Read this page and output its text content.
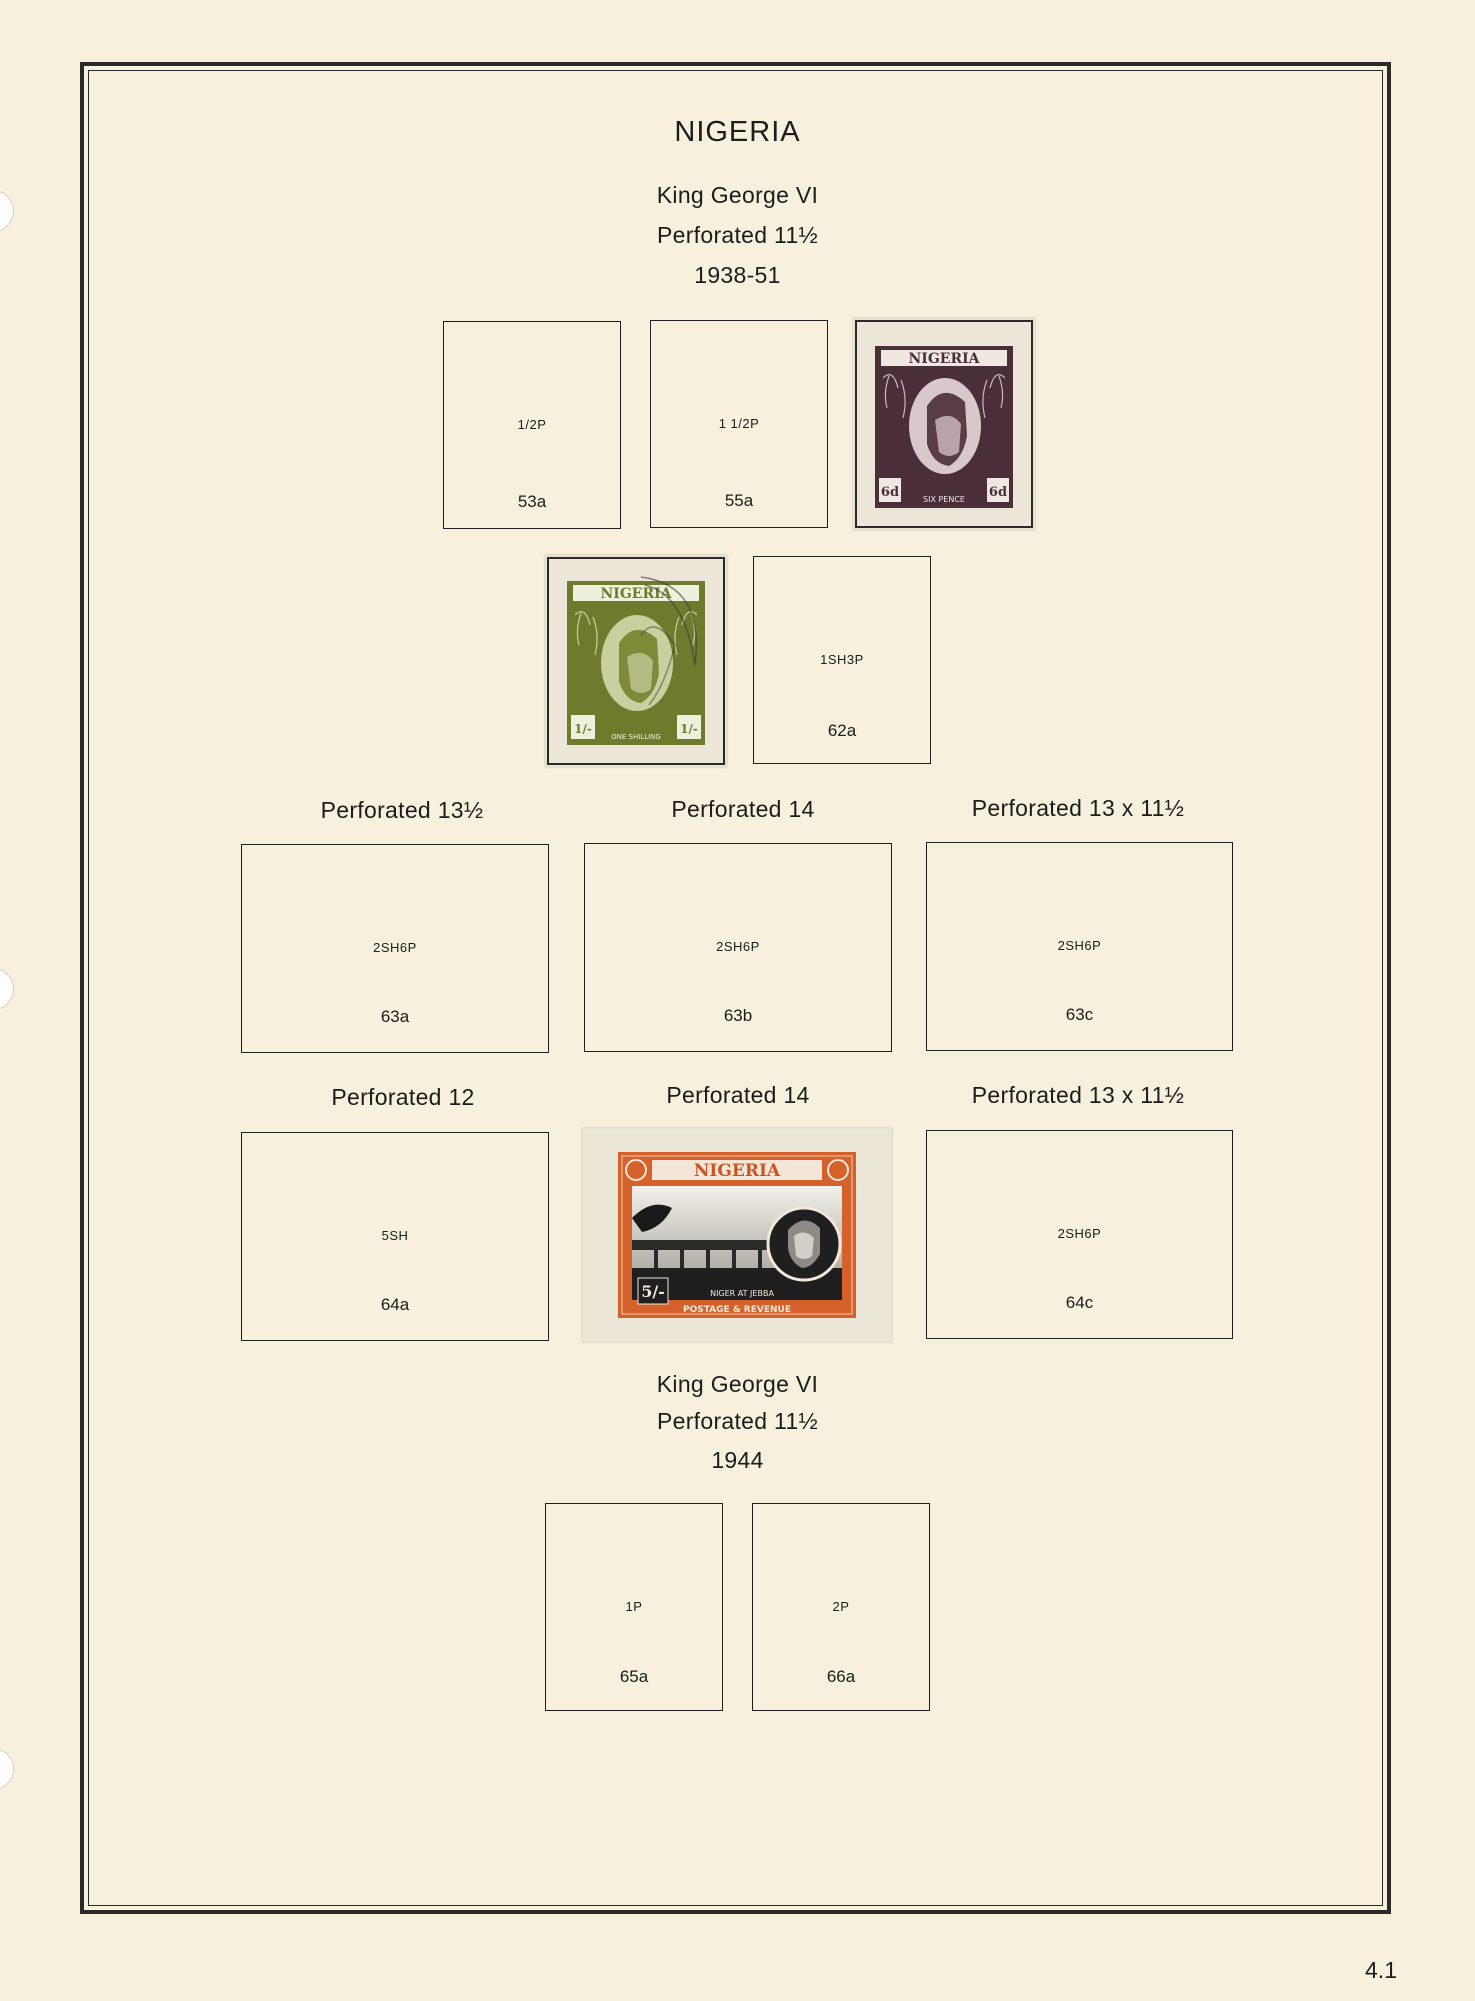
NIGERIA
King George VI
Perforated 11½
1938-51
1/2P
53a
1 1/2P
55a
NIGERIA
6d	6d
SIX PENCE
NIGERIA
1/-	1/-
ONE SHILLING
1SH3P
62a
Perforated 13½	Perforated 14	Perforated 13 x 11½
2SH6P
63a
2SH6P
63b
2SH6P
63c
Perforated 12	Perforated 14	Perforated 13 x 11½
5SH
64a
NIGERIA
5/-	NIGER AT JEBBA
POSTAGE & REVENUE
2SH6P
64c
King George VI
Perforated 11½
1944
1P
65a
2P
66a
4.1
